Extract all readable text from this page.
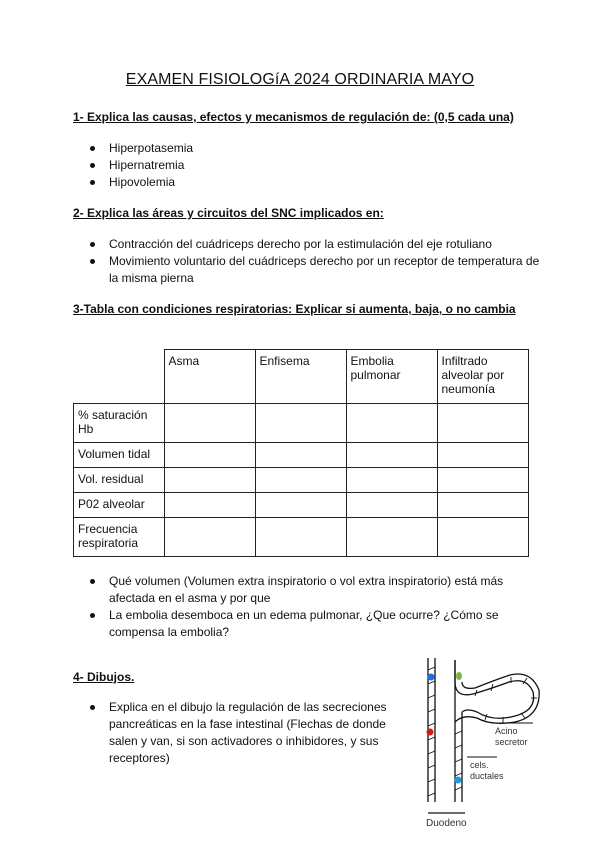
EXAMEN FISIOLOGíA 2024 ORDINARIA MAYO
1- Explica las causas, efectos y mecanismos de regulación de: (0,5 cada una)
Hiperpotasemia
Hipernatremia
Hipovolemia
2- Explica las áreas y circuitos del SNC implicados en:
Contracción del cuádriceps derecho por la estimulación del eje rotuliano
Movimiento voluntario del cuádriceps derecho por un receptor de temperatura de la misma pierna
3-Tabla con condiciones respiratorias: Explicar si aumenta, baja, o no cambia
	Asma	Enfisema	Embolia pulmonar	Infiltrado alveolar por neumonía
% saturación Hb				
Volumen tidal				
Vol. residual				
P02 alveolar				
Frecuencia respiratoria				
Qué volumen (Volumen extra inspiratorio o vol extra inspiratorio) está más afectada en el asma y por que
La embolia desemboca en un edema pulmonar, ¿Que ocurre? ¿Cómo se compensa la embolia?
4- Dibujos.
Explica en el dibujo la regulación de las secreciones pancreáticas en la fase intestinal (Flechas de donde salen y van, si son activadores o inhibidores, y sus receptores)
Acino secretor
cels. ductales
Duodeno
